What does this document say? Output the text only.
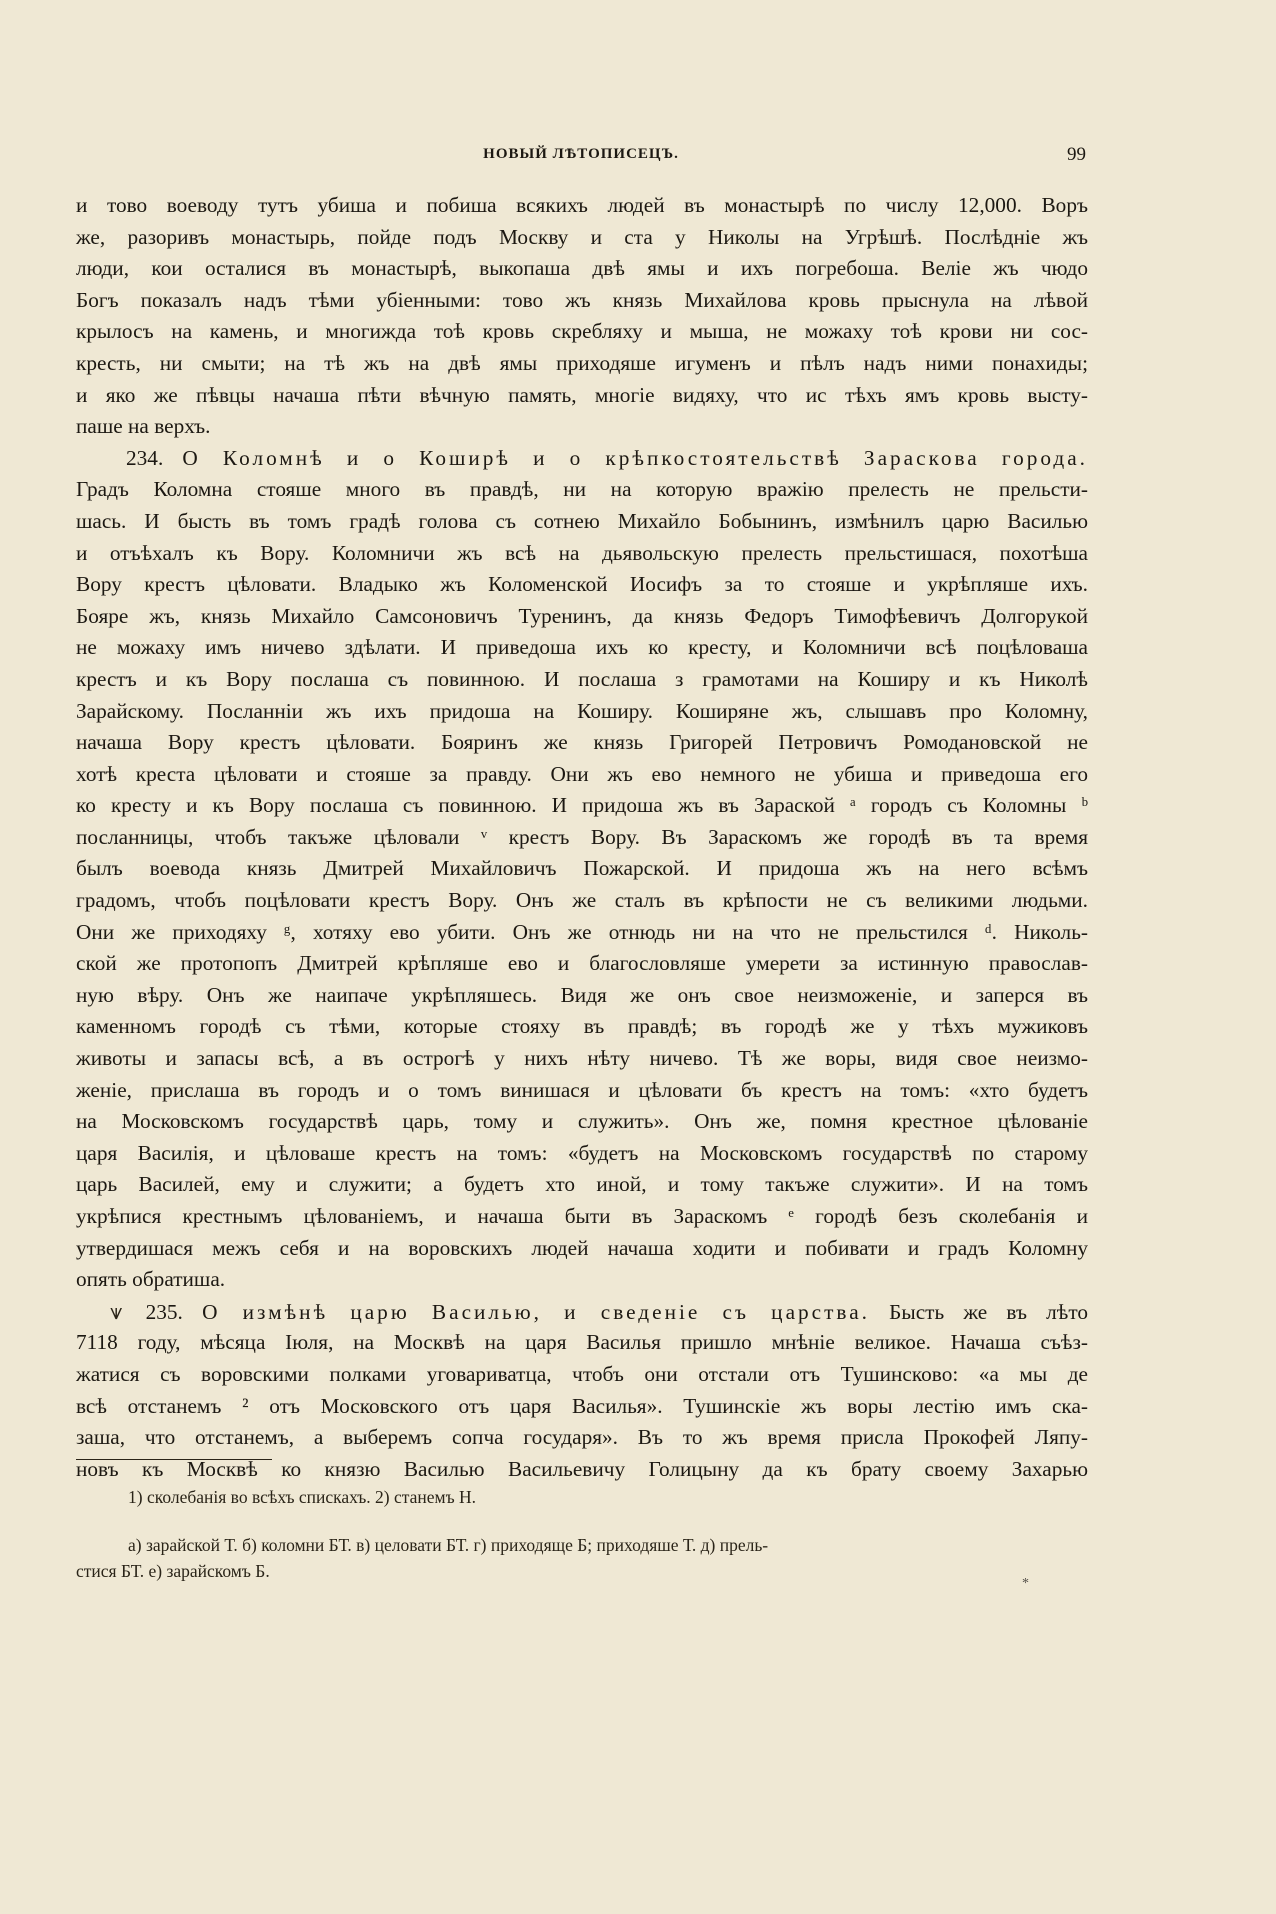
НОВЫЙ ЛѢТОПИСЕЦЪ.	99
и тово воеводу тутъ убиша и побиша всякихъ людей въ монастырѣ по числу 12,000. Воръ
же, разоривъ монастырь, пойде подъ Москву и ста у Николы на Угрѣшѣ. Послѣдніе жъ
люди, кои осталися въ монастырѣ, выкопаша двѣ ямы и ихъ погребоша. Веліе жъ чюдо
Богъ показалъ надъ тѣми убіенными: тово жъ князь Михайлова кровь прыснула на лѣвой
крылосъ на камень, и многижда тоѣ кровь скребляху и мыша, не можаху тоѣ крови ни сос-
кресть, ни смыти; на тѣ жъ на двѣ ямы приходяше игуменъ и пѣлъ надъ ними понахиды;
и яко же пѣвцы начаша пѣти вѣчную память, многіе видяху, что ис тѣхъ ямъ кровь высту-
паше на верхъ.
234. О Коломнѣ и о Коширѣ и о крѣпкостоятельствѣ Зараскова города.
Градъ Коломна стояше много въ правдѣ, ни на которую вражію прелесть не прельсти-
шась. И бысть въ томъ градѣ голова съ сотнею Михайло Бобынинъ, измѣнилъ царю Василью
и отъѣхалъ къ Вору. Коломничи жъ всѣ на дьявольскую прелесть прельстишася, похотѣша
Вору крестъ цѣловати. Владыко жъ Коломенской Иосифъ за то стояше и укрѣпляше ихъ.
Бояре жъ, князь Михайло Самсоновичъ Туренинъ, да князь Федоръ Тимофѣевичъ Долгорукой
не можаху имъ ничево здѣлати. И приведоша ихъ ко кресту, и Коломничи всѣ поцѣловаша
крестъ и къ Вору послаша съ повинною. И послаша з грамотами на Коширу и къ Николѣ
Зарайскому. Посланніи жъ ихъ придоша на Коширу. Коширяне жъ, слышавъ про Коломну,
начаша Вору крестъ цѣловати. Бояринъ же князь Григорей Петровичъ Ромодановской не
хотѣ креста цѣловати и стояше за правду. Они жъ ево немного не убиша и приведоша его
ко кресту и къ Вору послаша съ повинною. И придоша жъ въ Зараской ᵃ городъ съ Коломны ᵇ
посланницы, чтобъ такъже цѣловали ᵛ крестъ Вору. Въ Зараскомъ же городѣ въ та время
былъ воевода князь Дмитрей Михайловичъ Пожарской. И придоша жъ на него всѣмъ
градомъ, чтобъ поцѣловати крестъ Вору. Онъ же сталъ въ крѣпости не съ великими людьми.
Они же приходяху ᵍ, хотяху ево убити. Онъ же отнюдь ни на что не прельстился ᵈ. Николь-
ской же протопопъ Дмитрей крѣпляше ево и благословляше умерети за истинную православ-
ную вѣру. Онъ же наипаче укрѣпляшесь. Видя же онъ свое неизможеніе, и заперся въ
каменномъ городѣ съ тѣми, которые стояху въ правдѣ; въ городѣ же у тѣхъ мужиковъ
животы и запасы всѣ, а въ острогѣ у нихъ нѣту ничево. Тѣ же воры, видя свое неизмо-
женіе, прислаша въ городъ и о томъ винишася и цѣловати бъ крестъ на томъ: «хто будетъ
на Московскомъ государствѣ царь, тому и служить». Онъ же, помня крестное цѣлованіе
царя Василія, и цѣловаше крестъ на томъ: «будетъ на Московскомъ государствѣ по старому
царь Василей, ему и служити; а будетъ хто иной, и тому такъже служити». И на томъ
укрѣпися крестнымъ цѣлованіемъ, и начаша быти въ Зараскомъ ᵉ городѣ безъ сколебанія и
утвердишася межъ себя и на воровскихъ людей начаша ходити и побивати и градъ Коломну
опять обратиша.
⩛ 235. О измѣнѣ царю Василью, и сведеніе съ царства. Бысть же въ лѣто
7118 году, мѣсяца Іюля, на Москвѣ на царя Василья пришло мнѣніе великое. Начаша съѣз-
жатися съ воровскими полками уговариватца, чтобъ они отстали отъ Тушинсково: «а мы де
всѣ отстанемъ ² отъ Московского отъ царя Василья». Тушинскіе жъ воры лестію имъ ска-
заша, что отстанемъ, а выберемъ сопча государя». Въ то жъ время присла Прокофей Ляпу-
новъ къ Москвѣ ко князю Василью Васильевичу Голицыну да къ брату своему Захарью
1) сколебанія во всѣхъ спискахъ. 2) станемъ Н.
а) зарайской Т. б) коломни БТ. в) целовати БТ. г) приходяще Б; приходяше Т. д) прель-
стися БТ. е) зарайскомъ Б.
*
